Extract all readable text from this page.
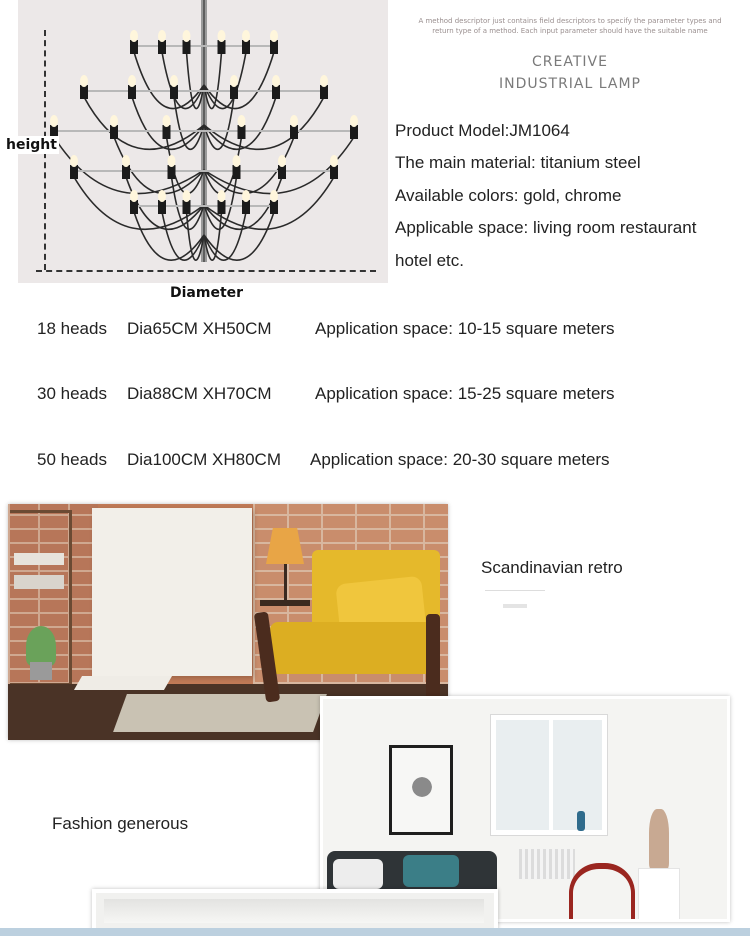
height
Diameter
A method descriptor just contains field descriptors to specify the parameter types and return type of a method. Each input parameter should have the suitable name
CREATIVE
INDUSTRIAL LAMP
Product Model:JM1064
The main material: titanium steel
Available colors: gold, chrome
Applicable space: living room restaurant
hotel etc.
18 heads Dia65CM XH50CM	Application space: 10-15 square meters
30 heads Dia88CM XH70CM	Application space: 15-25 square meters
50 heads Dia100CM XH80CM Application space: 20-30 square meters
Scandinavian retro
Fashion generous
